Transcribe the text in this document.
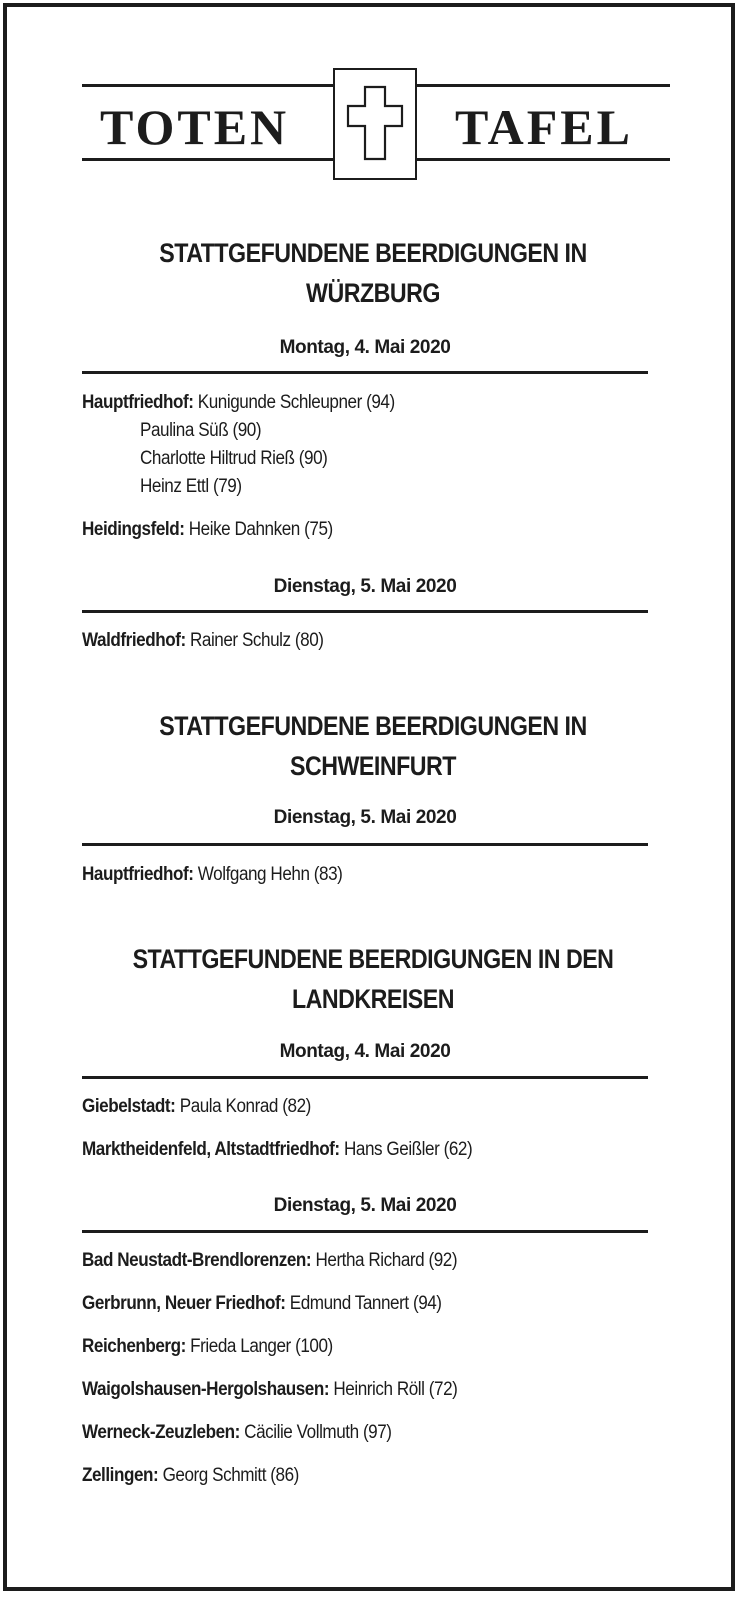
TOTEN	TAFEL
STATTGEFUNDENE BEERDIGUNGEN IN
WÜRZBURG
Montag, 4. Mai 2020
Hauptfriedhof: Kunigunde Schleupner (94)
Paulina Süß (90)
Charlotte Hiltrud Rieß (90)
Heinz Ettl (79)
Heidingsfeld: Heike Dahnken (75)
Dienstag, 5. Mai 2020
Waldfriedhof: Rainer Schulz (80)
STATTGEFUNDENE BEERDIGUNGEN IN
SCHWEINFURT
Dienstag, 5. Mai 2020
Hauptfriedhof: Wolfgang Hehn (83)
STATTGEFUNDENE BEERDIGUNGEN IN DEN
LANDKREISEN
Montag, 4. Mai 2020
Giebelstadt: Paula Konrad (82)
Marktheidenfeld, Altstadtfriedhof: Hans Geißler (62)
Dienstag, 5. Mai 2020
Bad Neustadt-Brendlorenzen: Hertha Richard (92)
Gerbrunn, Neuer Friedhof: Edmund Tannert (94)
Reichenberg: Frieda Langer (100)
Waigolshausen-Hergolshausen: Heinrich Röll (72)
Werneck-Zeuzleben: Cäcilie Vollmuth (97)
Zellingen: Georg Schmitt (86)
